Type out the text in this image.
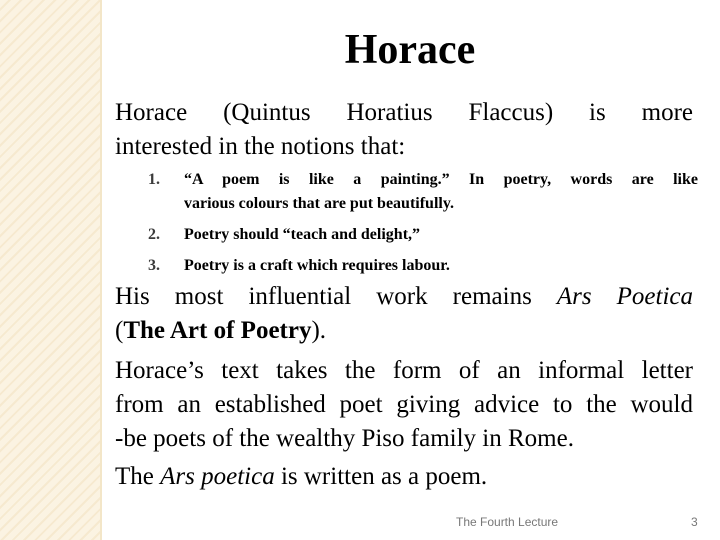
Horace
Horace (Quintus Horatius Flaccus) is more
interested in the notions that:
1.	“A poem is like a painting.” In poetry, words are like
various colours that are put beautifully.
2.	Poetry should “teach and delight,”
3.	Poetry is a craft which requires labour.
His most influential work remains Ars Poetica
(The Art of Poetry).
Horace’s text takes the form of an informal letter
from an established poet giving advice to the would
-be poets of the wealthy Piso family in Rome.
The Ars poetica is written as a poem.
The Fourth Lecture	3
